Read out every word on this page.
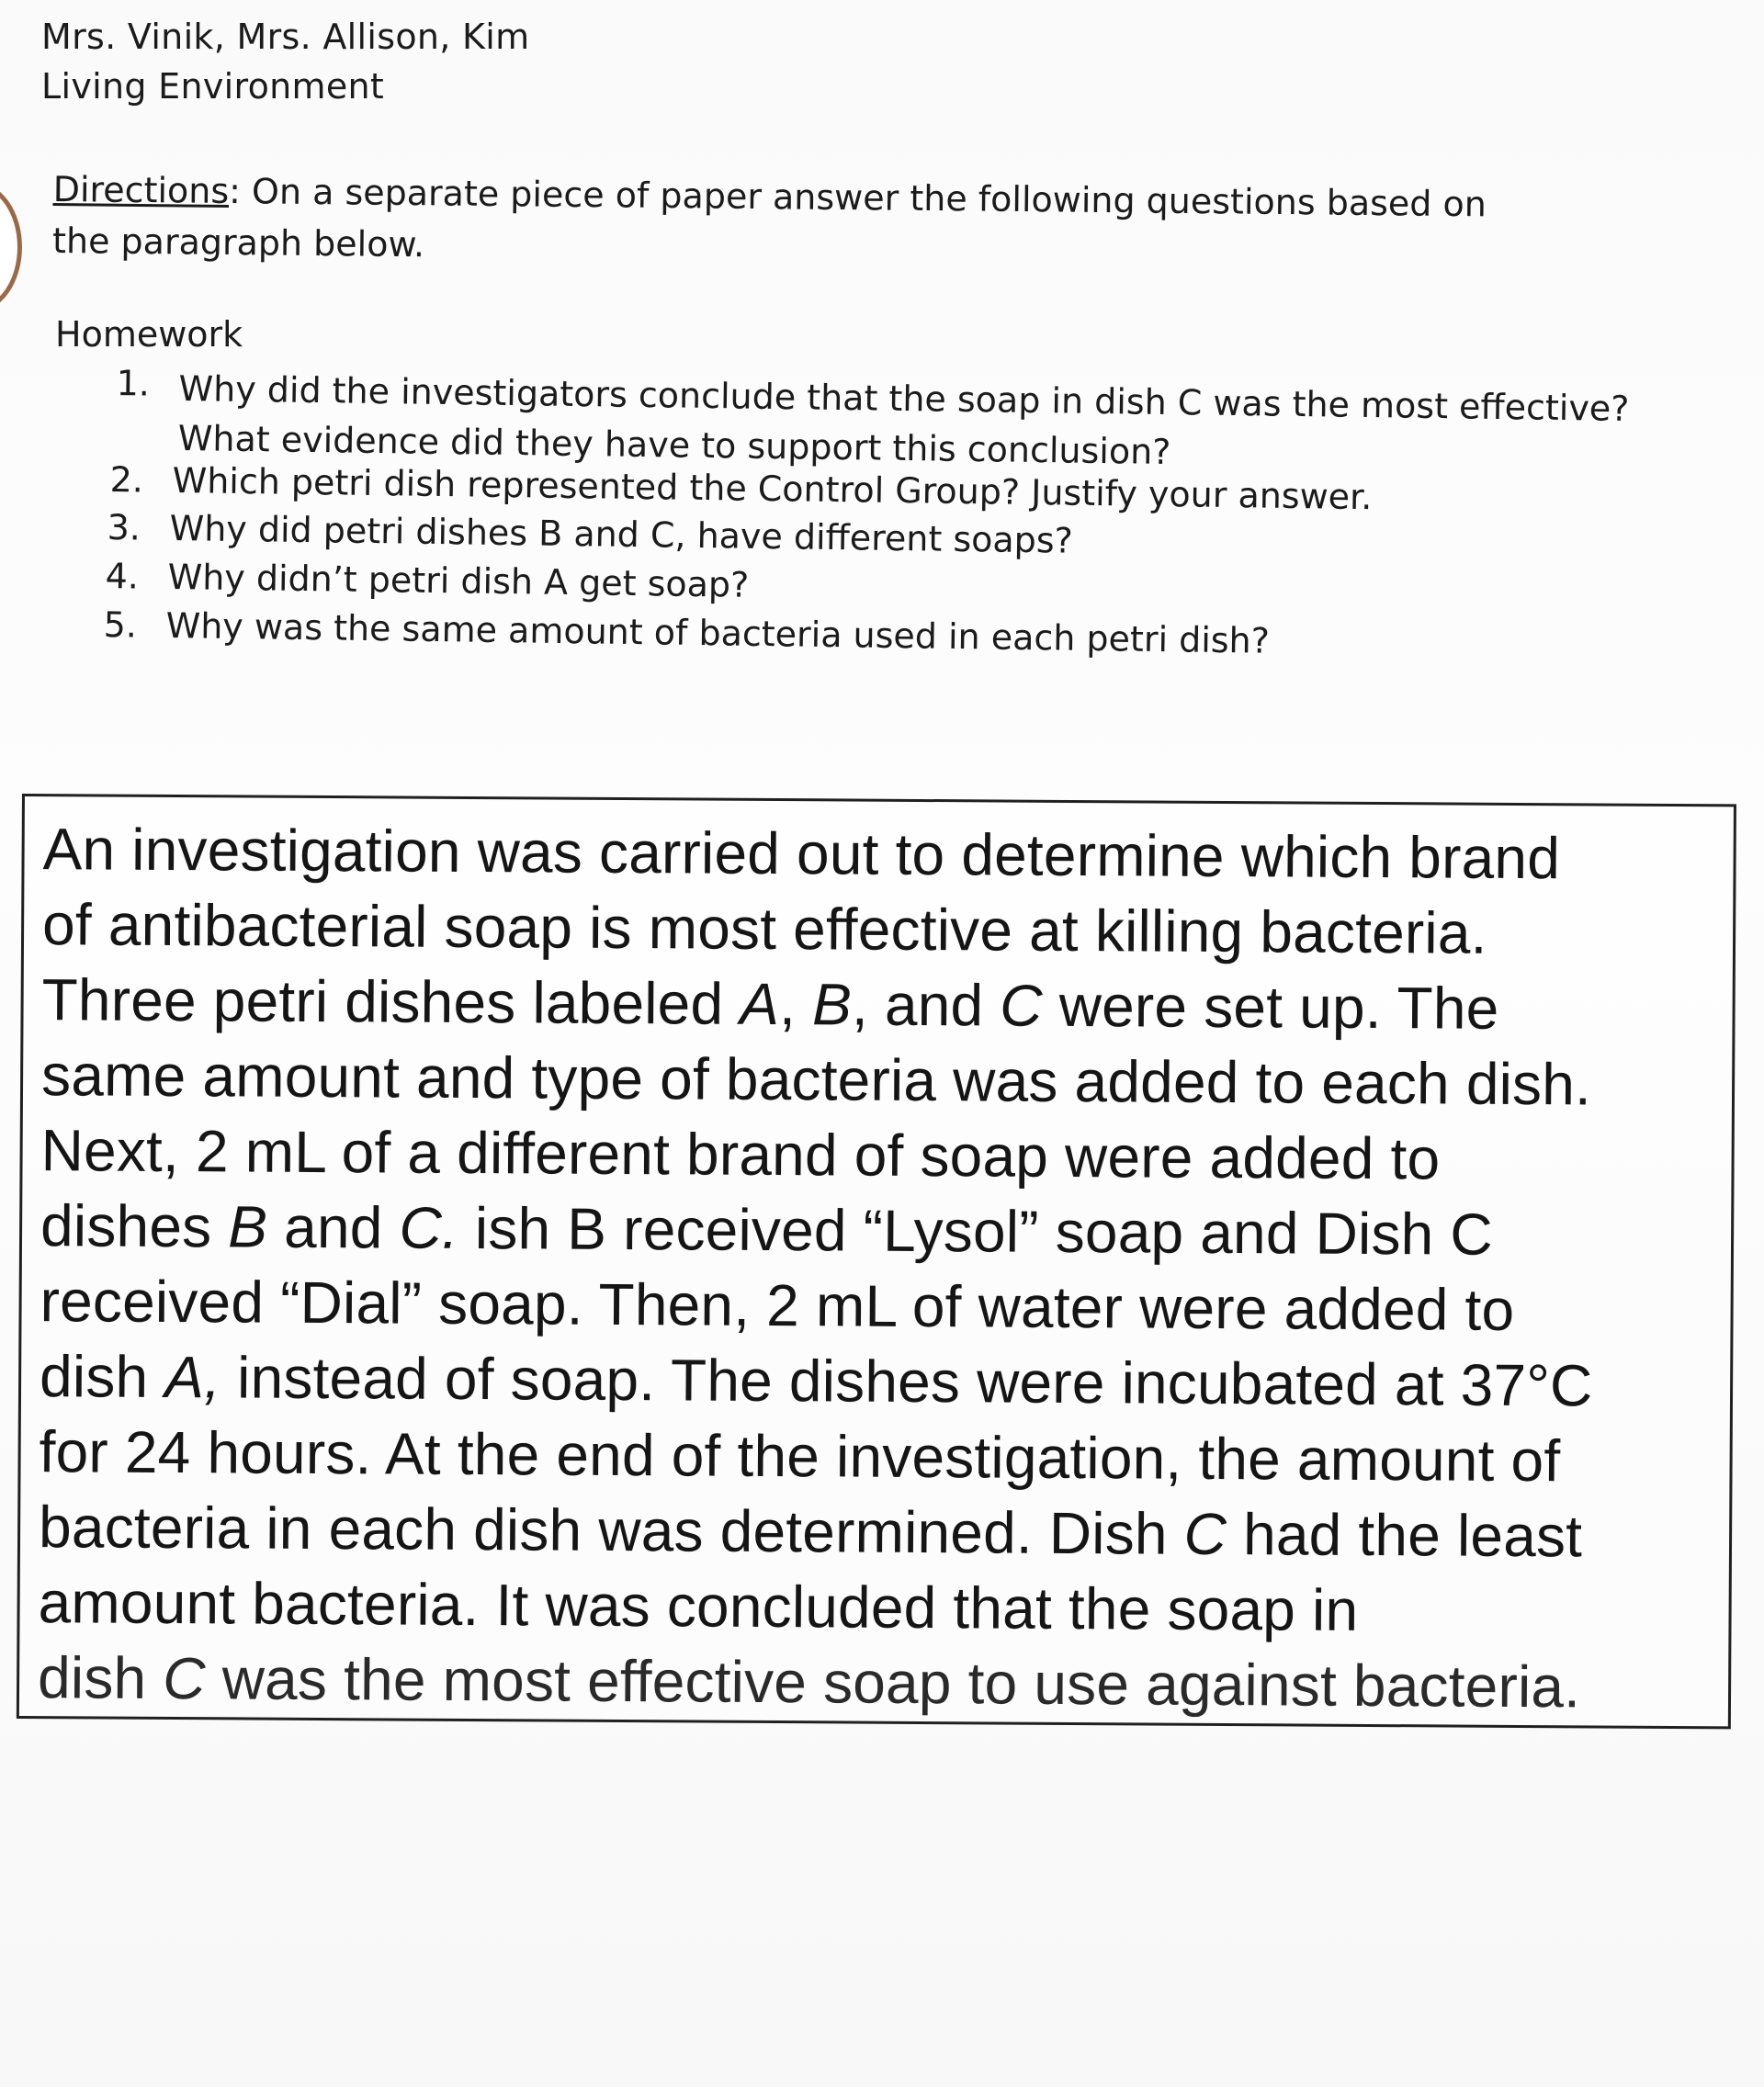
Mrs. Vinik, Mrs. Allison, Kim
Living Environment
Directions: On a separate piece of paper answer the following questions based on the paragraph below.
Homework
1. Why did the investigators conclude that the soap in dish C was the most effective? What evidence did they have to support this conclusion?
2. Which petri dish represented the Control Group? Justify your answer.
3. Why did petri dishes B and C, have different soaps?
4. Why didn’t petri dish A get soap?
5. Why was the same amount of bacteria used in each petri dish?
An investigation was carried out to determine which brand
of antibacterial soap is most effective at killing bacteria.
Three petri dishes labeled A, B, and C were set up. The
same amount and type of bacteria was added to each dish.
Next, 2 mL of a different brand of soap were added to
dishes B and C. ish B received “Lysol” soap and Dish C
received “Dial” soap. Then, 2 mL of water were added to
dish A, instead of soap. The dishes were incubated at 37°C
for 24 hours. At the end of the investigation, the amount of
bacteria in each dish was determined. Dish C had the least
amount bacteria. It was concluded that the soap in
dish C was the most effective soap to use against bacteria.
